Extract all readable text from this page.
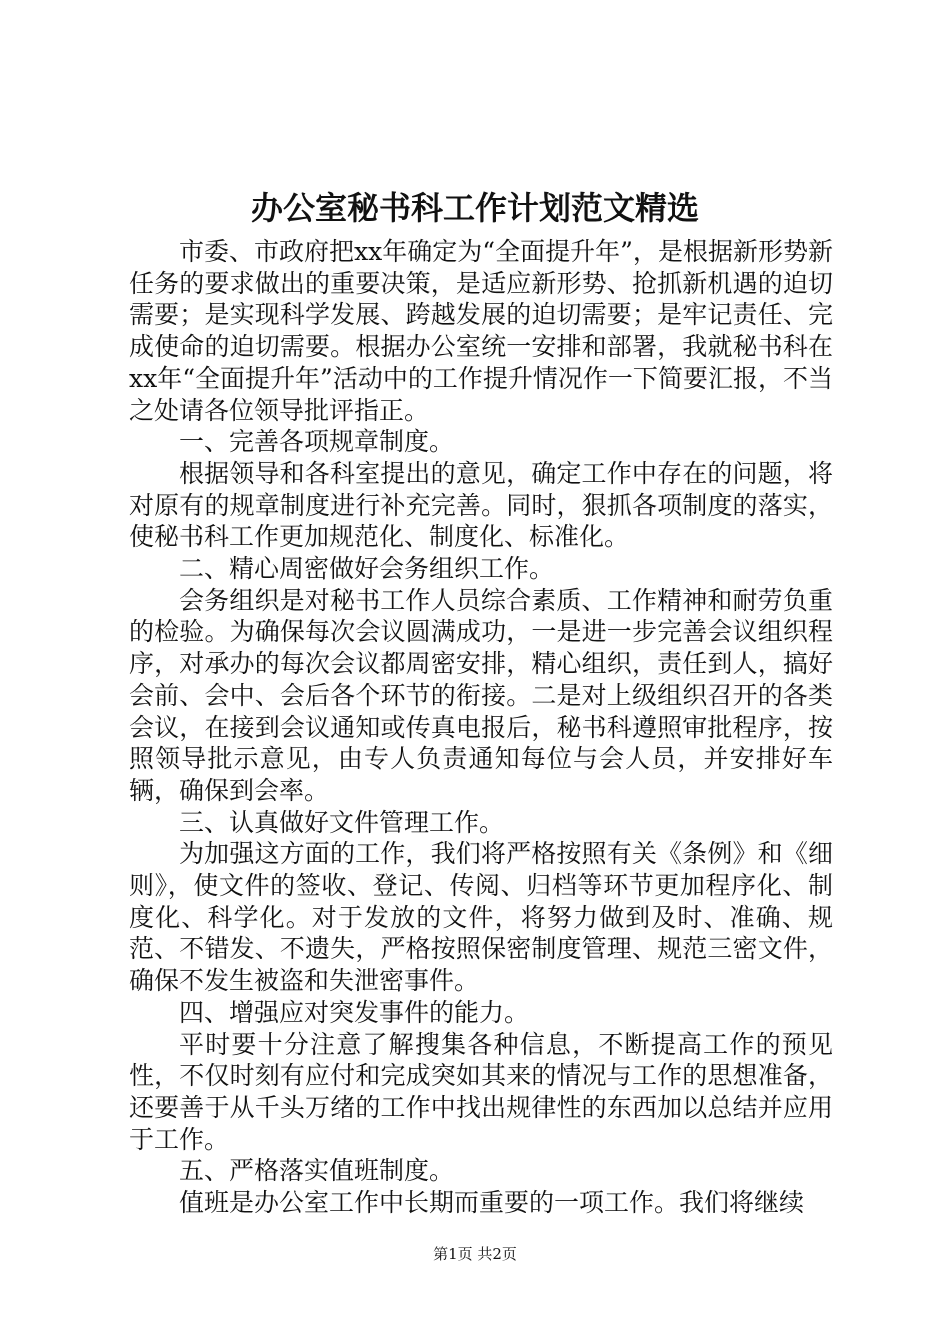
办公室秘书科工作计划范文精选

市委、市政府把xx年确定为“全面提升年”，是根据新形势新任务的要求做出的重要决策，是适应新形势、抢抓新机遇的迫切需要；是实现科学发展、跨越发展的迫切需要；是牢记责任、完成使命的迫切需要。根据办公室统一安排和部署，我就秘书科在xx年“全面提升年”活动中的工作提升情况作一下简要汇报，不当之处请各位领导批评指正。

一、完善各项规章制度。

根据领导和各科室提出的意见，确定工作中存在的问题，将对原有的规章制度进行补充完善。同时，狠抓各项制度的落实，使秘书科工作更加规范化、制度化、标准化。

二、精心周密做好会务组织工作。

会务组织是对秘书工作人员综合素质、工作精神和耐劳负重的检验。为确保每次会议圆满成功，一是进一步完善会议组织程序，对承办的每次会议都周密安排，精心组织，责任到人，搞好会前、会中、会后各个环节的衔接。二是对上级组织召开的各类会议，在接到会议通知或传真电报后，秘书科遵照审批程序，按照领导批示意见，由专人负责通知每位与会人员，并安排好车辆，确保到会率。

三、认真做好文件管理工作。

为加强这方面的工作，我们将严格按照有关《条例》和《细则》，使文件的签收、登记、传阅、归档等环节更加程序化、制度化、科学化。对于发放的文件，将努力做到及时、准确、规范、不错发、不遗失，严格按照保密制度管理、规范三密文件，确保不发生被盗和失泄密事件。

四、增强应对突发事件的能力。

平时要十分注意了解搜集各种信息，不断提高工作的预见性，不仅时刻有应付和完成突如其来的情况与工作的思想准备，还要善于从千头万绪的工作中找出规律性的东西加以总结并应用于工作。

五、严格落实值班制度。

值班是办公室工作中长期而重要的一项工作。我们将继续

第1页 共2页
